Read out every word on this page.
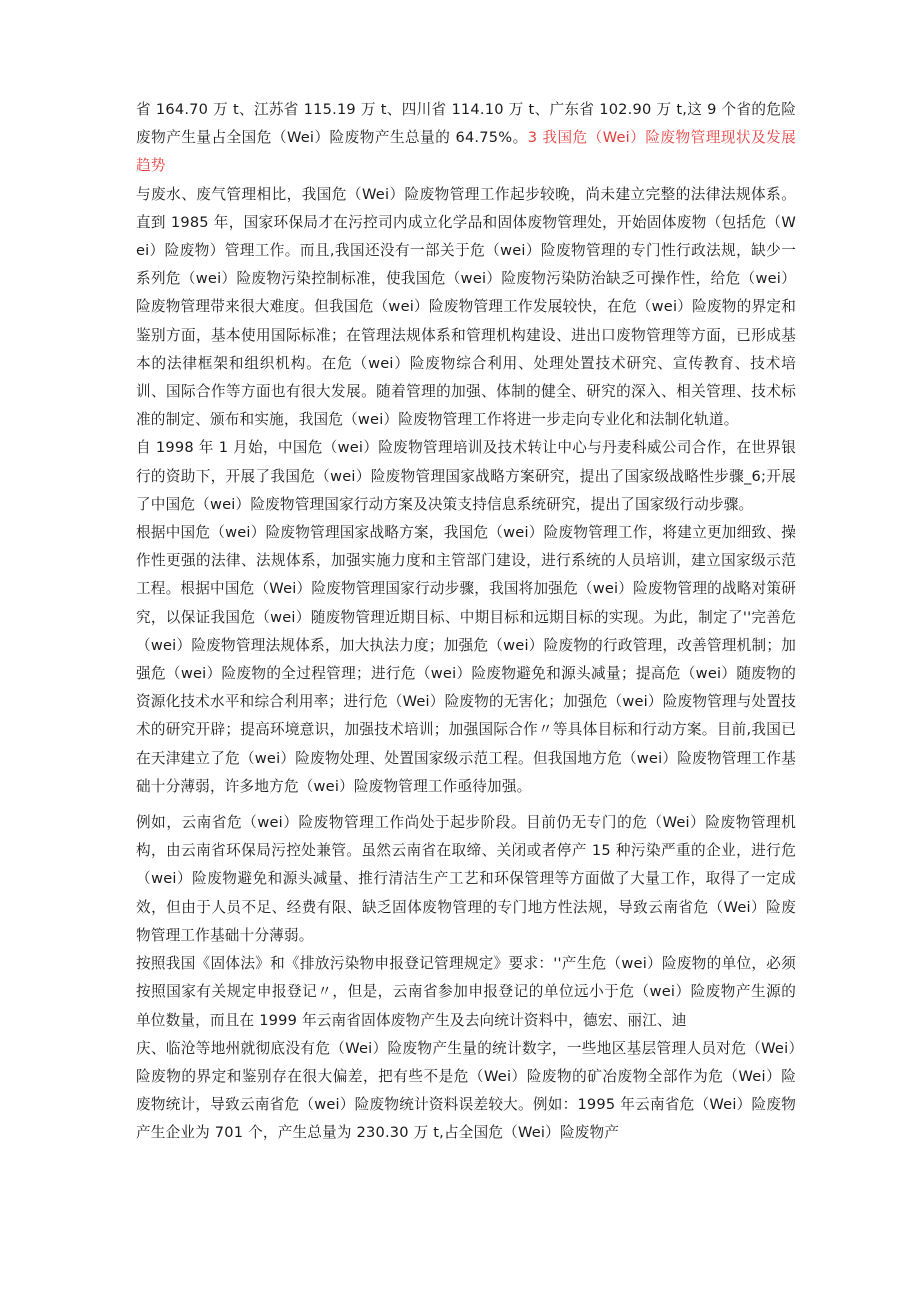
省 164.70 万 t、江苏省 115.19 万 t、四川省 114.10 万 t、广东省 102.90 万 t,这 9 个省的危险废物产生量占全国危（Wei）险废物产生总量的 64.75%。3 我国危（Wei）险废物管理现状及发展趋势

与废水、废气管理相比，我国危（Wei）险废物管理工作起步较晚，尚未建立完整的法律法规体系。直到 1985 年，国家环保局才在污控司内成立化学品和固体废物管理处，开始固体废物（包括危（Wei）险废物）管理工作。而且,我国还没有一部关于危（wei）险废物管理的专门性行政法规，缺少一系列危（wei）险废物污染控制标准，使我国危（wei）险废物污染防治缺乏可操作性，给危（wei）险废物管理带来很大难度。但我国危（wei）险废物管理工作发展较快，在危（wei）险废物的界定和鉴别方面，基本使用国际标准；在管理法规体系和管理机构建设、进出口废物管理等方面，已形成基本的法律框架和组织机构。在危（wei）险废物综合利用、处理处置技术研究、宣传教育、技术培训、国际合作等方面也有很大发展。随着管理的加强、体制的健全、研究的深入、相关管理、技术标准的制定、颁布和实施，我国危（wei）险废物管理工作将进一步走向专业化和法制化轨道。

自 1998 年 1 月始，中国危（wei）险废物管理培训及技术转让中心与丹麦科威公司合作，在世界银行的资助下，开展了我国危（wei）险废物管理国家战略方案研究，提出了国家级战略性步骤_6;开展了中国危（wei）险废物管理国家行动方案及决策支持信息系统研究，提出了国家级行动步骤。

根据中国危（wei）险废物管理国家战略方案，我国危（wei）险废物管理工作，将建立更加细致、操作性更强的法律、法规体系，加强实施力度和主管部门建设，进行系统的人员培训，建立国家级示范工程。根据中国危（Wei）险废物管理国家行动步骤，我国将加强危（wei）险废物管理的战略对策研究，以保证我国危（wei）随废物管理近期目标、中期目标和远期目标的实现。为此，制定了''完善危（wei）险废物管理法规体系，加大执法力度；加强危（wei）险废物的行政管理，改善管理机制；加强危（wei）险废物的全过程管理；进行危（wei）险废物避免和源头减量；提高危（wei）随废物的资源化技术水平和综合利用率；进行危（Wei）险废物的无害化；加强危（wei）险废物管理与处置技术的研究开辟；提高环境意识，加强技术培训；加强国际合作〃等具体目标和行动方案。目前,我国已在天津建立了危（wei）险废物处理、处置国家级示范工程。但我国地方危（wei）险废物管理工作基础十分薄弱，许多地方危（wei）险废物管理工作亟待加强。

例如，云南省危（wei）险废物管理工作尚处于起步阶段。目前仍无专门的危（Wei）险废物管理机构，由云南省环保局污控处兼管。虽然云南省在取缔、关闭或者停产 15 种污染严重的企业，进行危（wei）险废物避免和源头减量、推行清洁生产工艺和环保管理等方面做了大量工作，取得了一定成效，但由于人员不足、经费有限、缺乏固体废物管理的专门地方性法规，导致云南省危（Wei）险废物管理工作基础十分薄弱。

按照我国《固体法》和《排放污染物申报登记管理规定》要求：''产生危（wei）险废物的单位，必须按照国家有关规定申报登记〃，但是，云南省参加申报登记的单位远小于危（wei）险废物产生源的单位数量，而且在 1999 年云南省固体废物产生及去向统计资料中，德宏、丽江、迪

庆、临沧等地州就彻底没有危（Wei）险废物产生量的统计数字，一些地区基层管理人员对危（Wei）险废物的界定和鉴别存在很大偏差，把有些不是危（Wei）险废物的矿冶废物全部作为危（Wei）险废物统计，导致云南省危（wei）险废物统计资料误差较大。例如：1995 年云南省危（Wei）险废物产生企业为 701 个，产生总量为 230.30 万 t,占全国危（Wei）险废物产
